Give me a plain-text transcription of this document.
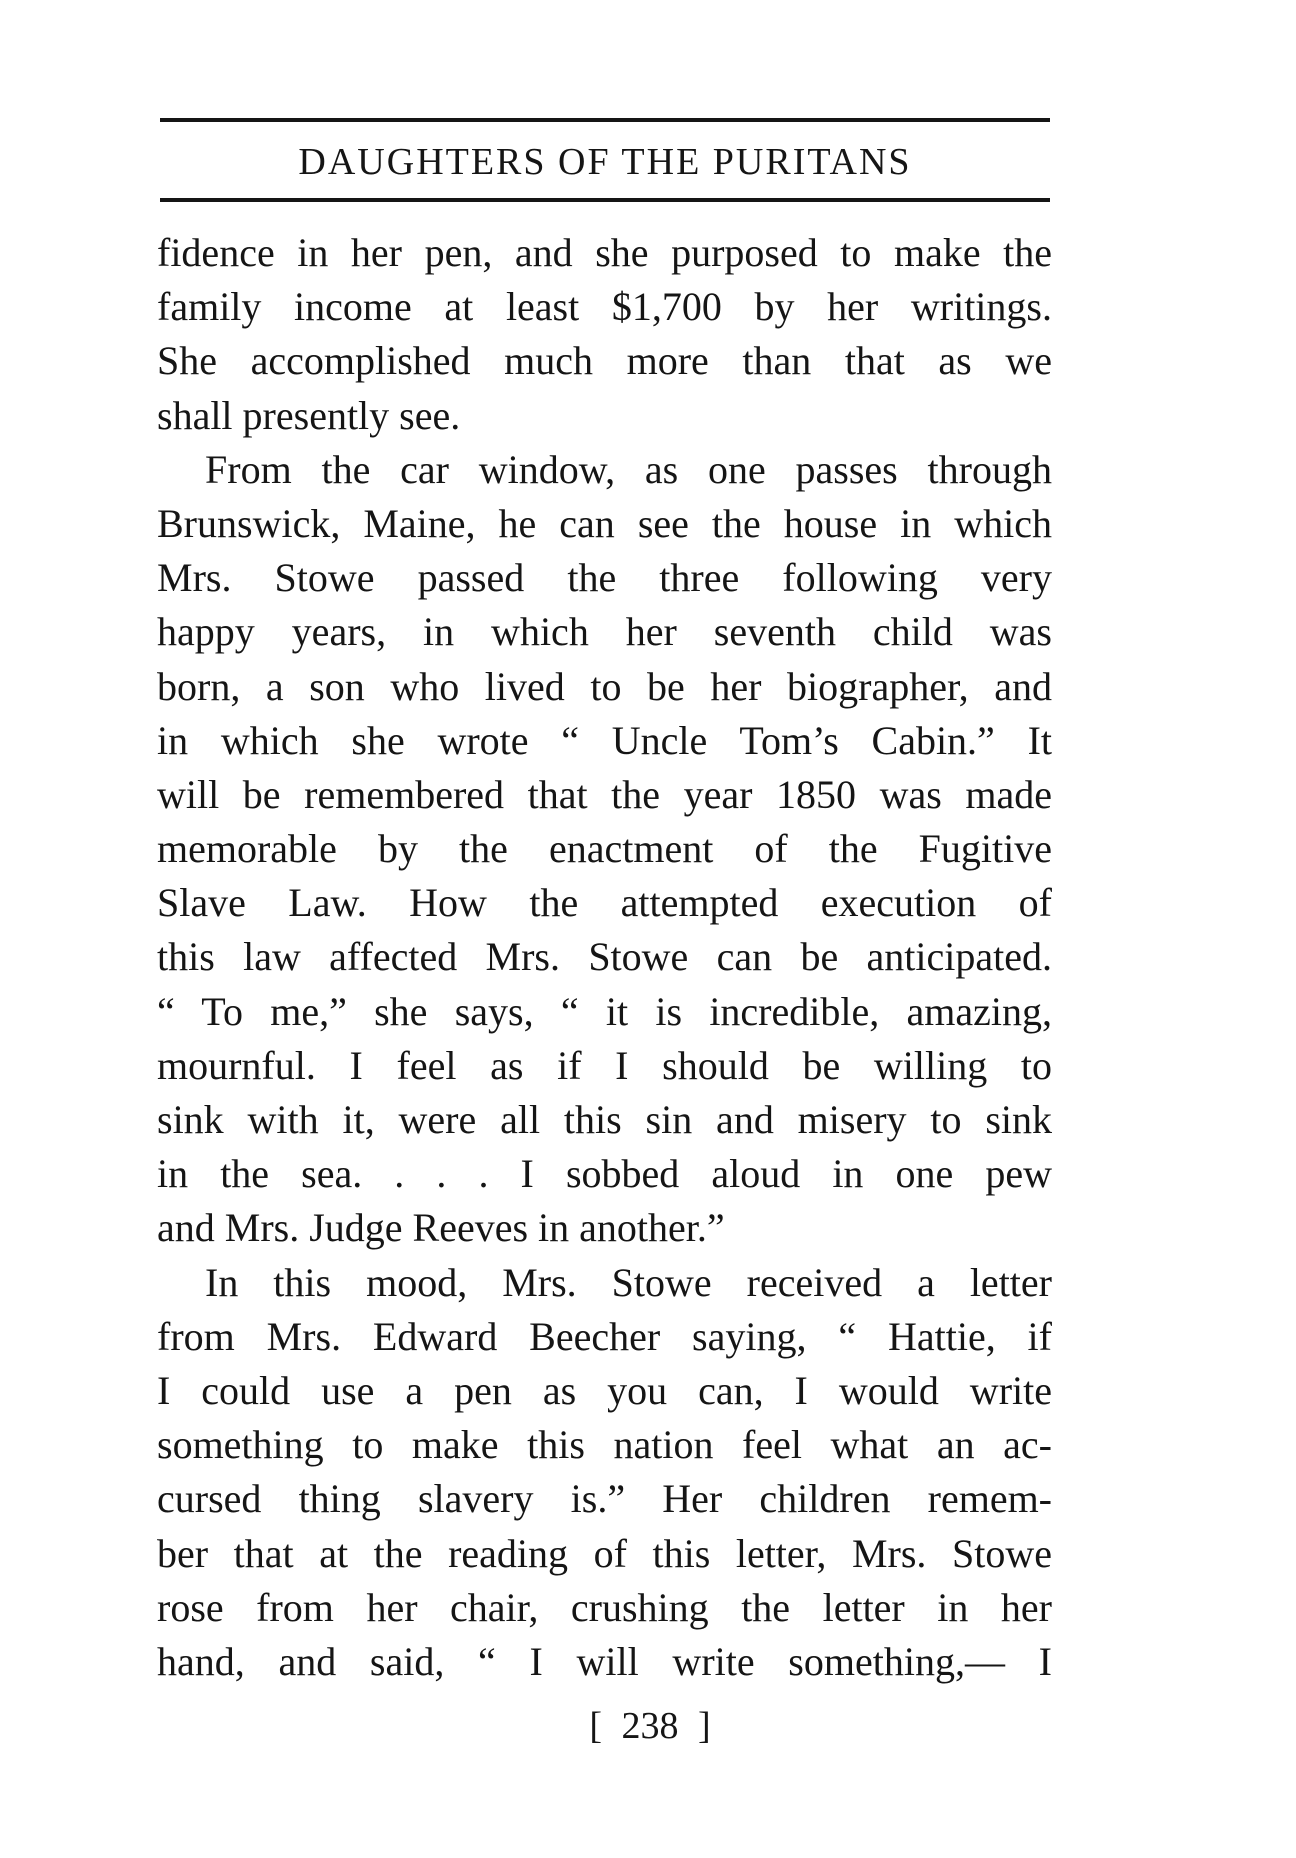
DAUGHTERS OF THE PURITANS
fidence in her pen, and she purposed to make the
family income at least $1,700 by her writings.
She accomplished much more than that as we
shall presently see.
From the car window, as one passes through
Brunswick, Maine, he can see the house in which
Mrs. Stowe passed the three following very
happy years, in which her seventh child was
born, a son who lived to be her biographer, and
in which she wrote “ Uncle Tom’s Cabin.” It
will be remembered that the year 1850 was made
memorable by the enactment of the Fugitive
Slave Law. How the attempted execution of
this law affected Mrs. Stowe can be anticipated.
“ To me,” she says, “ it is incredible, amazing,
mournful. I feel as if I should be willing to
sink with it, were all this sin and misery to sink
in the sea. . . . I sobbed aloud in one pew
and Mrs. Judge Reeves in another.”
In this mood, Mrs. Stowe received a letter
from Mrs. Edward Beecher saying, “ Hattie, if
I could use a pen as you can, I would write
something to make this nation feel what an ac-
cursed thing slavery is.” Her children remem-
ber that at the reading of this letter, Mrs. Stowe
rose from her chair, crushing the letter in her
hand, and said, “ I will write something,— I
[ 238 ]
